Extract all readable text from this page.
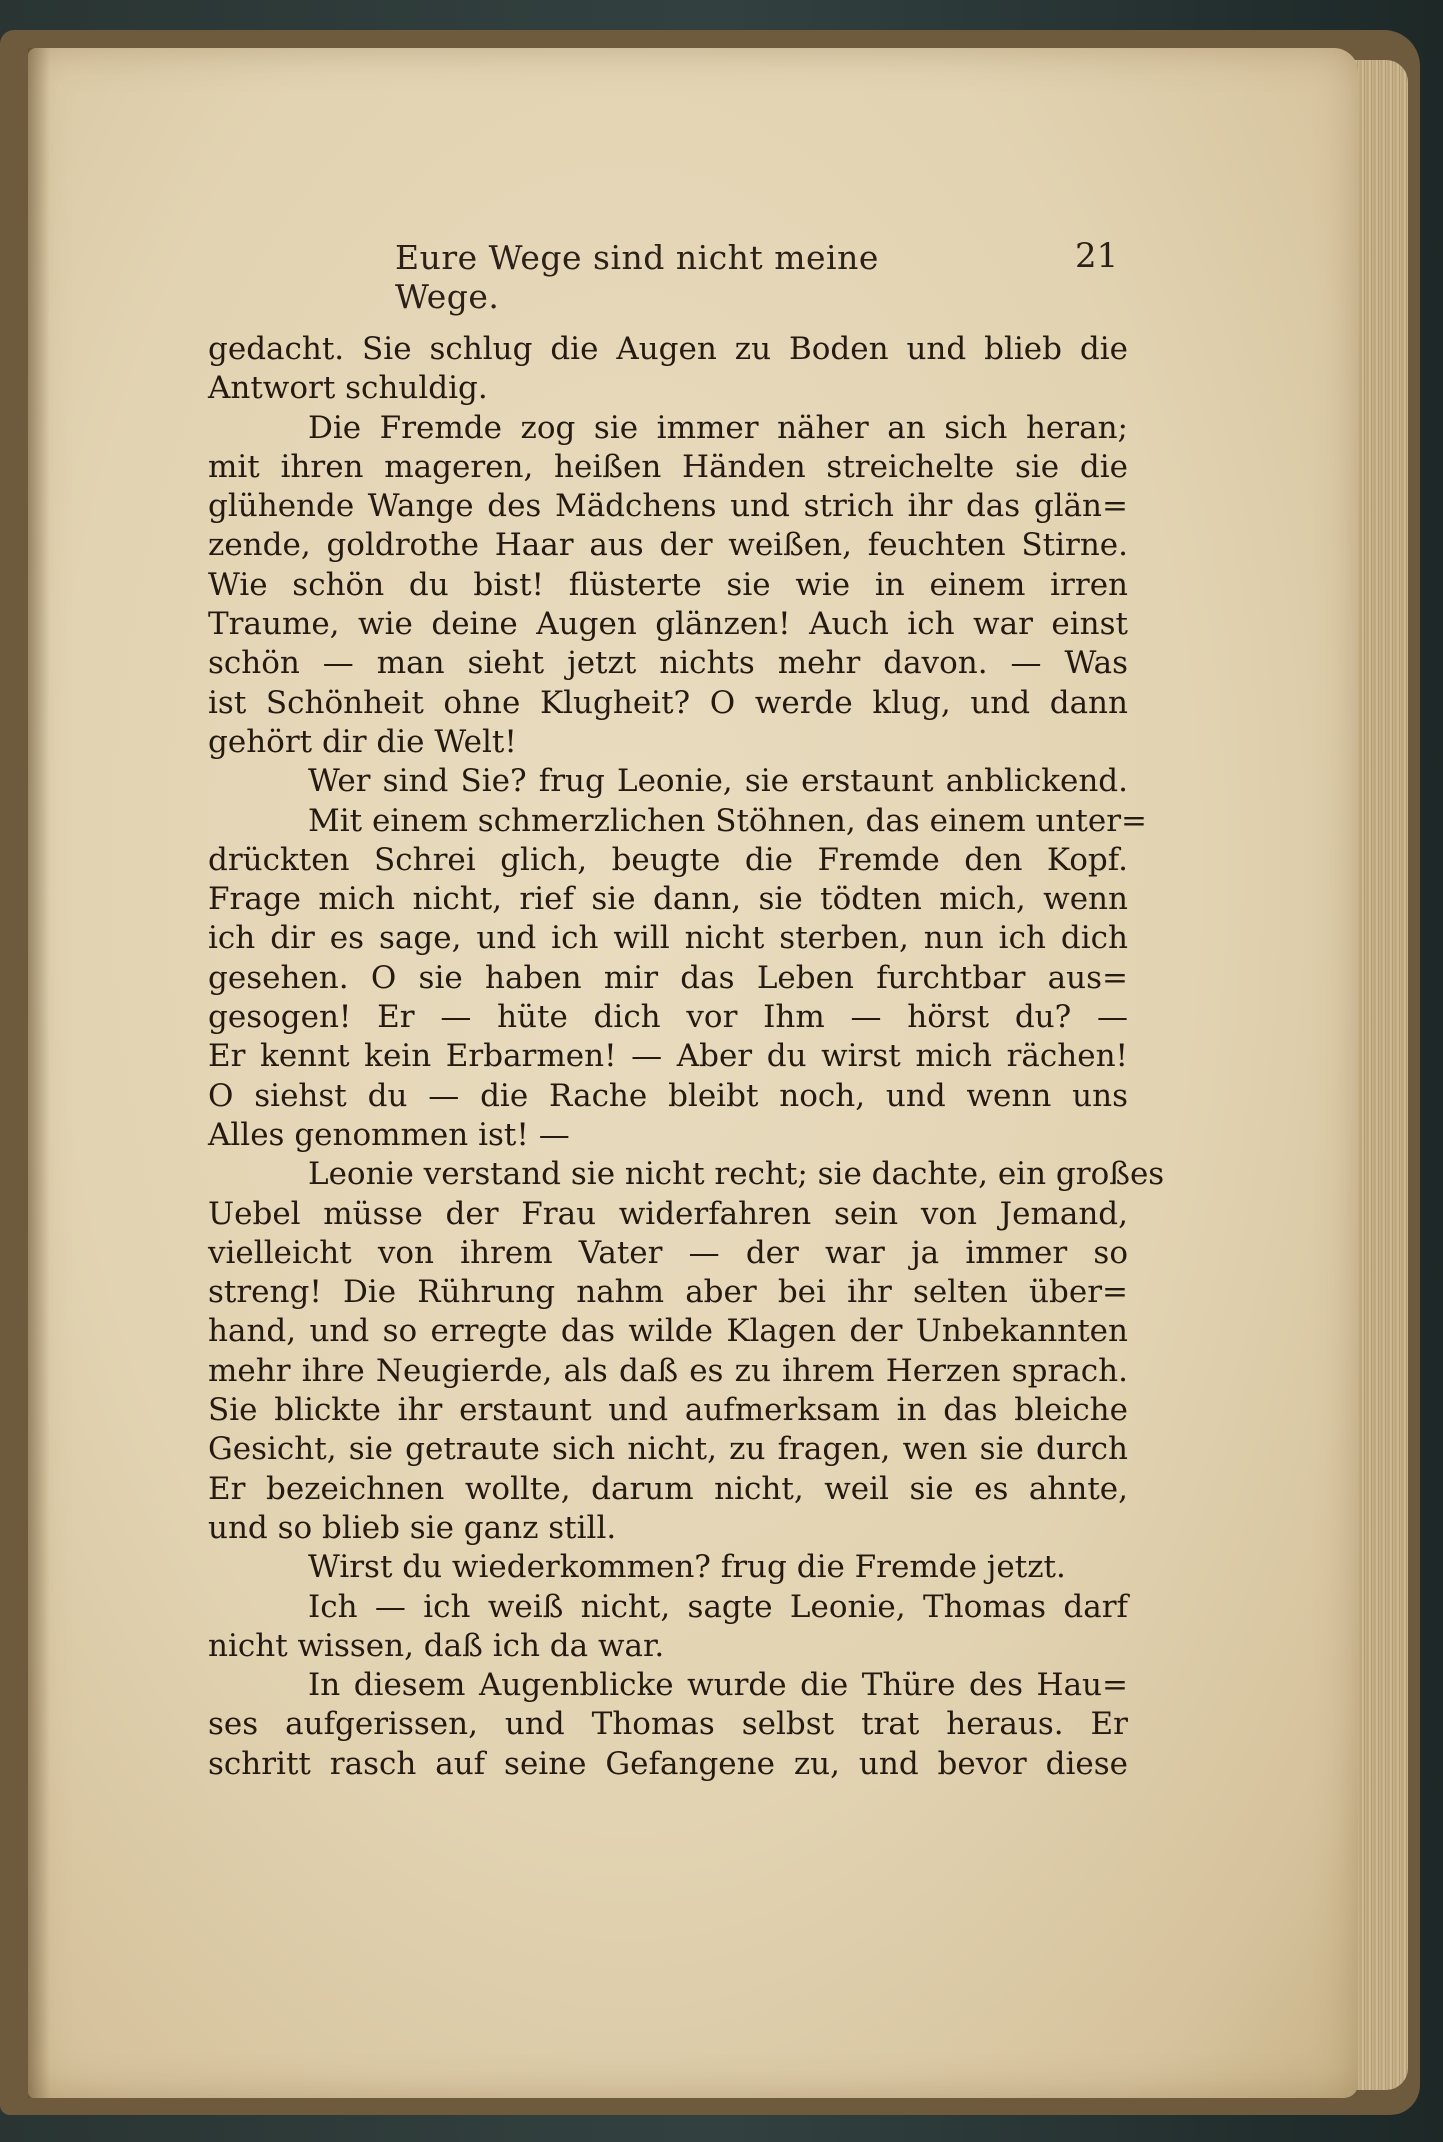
Eure Wege sind nicht meine Wege.
21
gedacht. Sie schlug die Augen zu Boden und blieb die
Antwort schuldig.
Die Fremde zog sie immer näher an sich heran;
mit ihren mageren, heißen Händen streichelte sie die
glühende Wange des Mädchens und strich ihr das glän=
zende, goldrothe Haar aus der weißen, feuchten Stirne.
Wie schön du bist! flüsterte sie wie in einem irren
Traume, wie deine Augen glänzen! Auch ich war einst
schön — man sieht jetzt nichts mehr davon. — Was
ist Schönheit ohne Klugheit? O werde klug, und dann
gehört dir die Welt!
Wer sind Sie? frug Leonie, sie erstaunt anblickend.
Mit einem schmerzlichen Stöhnen, das einem unter=
drückten Schrei glich, beugte die Fremde den Kopf.
Frage mich nicht, rief sie dann, sie tödten mich, wenn
ich dir es sage, und ich will nicht sterben, nun ich dich
gesehen. O sie haben mir das Leben furchtbar aus=
gesogen! Er — hüte dich vor Ihm — hörst du? —
Er kennt kein Erbarmen! — Aber du wirst mich rächen!
O siehst du — die Rache bleibt noch, und wenn uns
Alles genommen ist! —
Leonie verstand sie nicht recht; sie dachte, ein großes
Uebel müsse der Frau widerfahren sein von Jemand,
vielleicht von ihrem Vater — der war ja immer so
streng! Die Rührung nahm aber bei ihr selten über=
hand, und so erregte das wilde Klagen der Unbekannten
mehr ihre Neugierde, als daß es zu ihrem Herzen sprach.
Sie blickte ihr erstaunt und aufmerksam in das bleiche
Gesicht, sie getraute sich nicht, zu fragen, wen sie durch
Er bezeichnen wollte, darum nicht, weil sie es ahnte,
und so blieb sie ganz still.
Wirst du wiederkommen? frug die Fremde jetzt.
Ich — ich weiß nicht, sagte Leonie, Thomas darf
nicht wissen, daß ich da war.
In diesem Augenblicke wurde die Thüre des Hau=
ses aufgerissen, und Thomas selbst trat heraus. Er
schritt rasch auf seine Gefangene zu, und bevor diese
